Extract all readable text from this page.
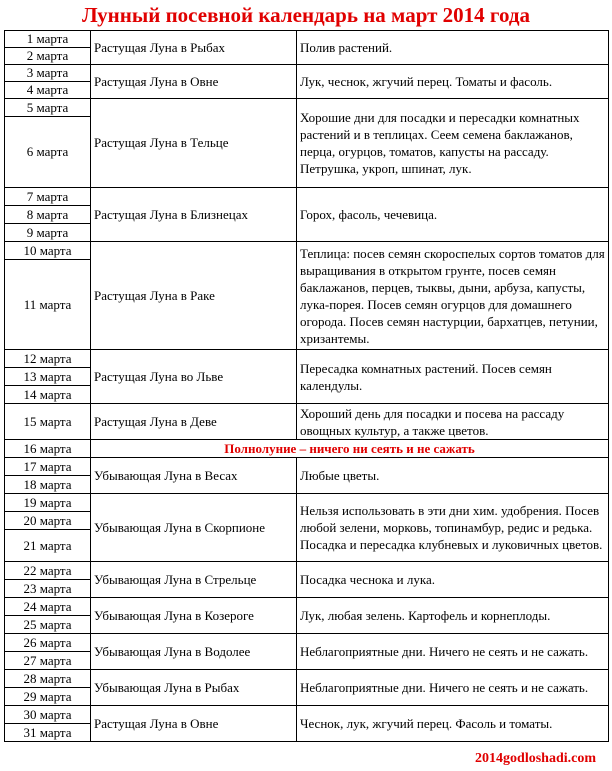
Лунный посевной календарь на март 2014 года
1 марта	Растущая Луна в Рыбах	Полив растений.
2 марта		
3 марта	Растущая Луна в Овне	Лук, чеснок, жгучий перец. Томаты и фасоль.
4 марта		
5 марта	Растущая Луна в Тельце	Хорошие дни для посадки и пересадки комнатных растений и в теплицах. Сеем семена баклажанов, перца, огурцов, томатов, капусты на рассаду. Петрушка, укроп, шпинат, лук.
6 марта		
7 марта	Растущая Луна в Близнецах	Горох, фасоль, чечевица.
8 марта		
9 марта		
10 марта	Растущая Луна в Раке	Теплица: посев семян скороспелых сортов томатов для выращивания в открытом грунте, посев семян баклажанов, перцев, тыквы, дыни, арбуза, капусты, лука-порея. Посев семян огурцов для домашнего огорода. Посев семян настурции, бархатцев, петунии, хризантемы.
11 марта		
12 марта	Растущая Луна во Льве	Пересадка комнатных растений. Посев семян календулы.
13 марта		
14 марта		
15 марта	Растущая Луна в Деве	Хороший день для посадки и посева на рассаду овощных культур, а также цветов.
16 марта	Полнолуние – ничего ни сеять и не сажать	
17 марта	Убывающая Луна в Весах	Любые цветы.
18 марта		
19 марта	Убывающая Луна в Скорпионе	Нельзя использовать в эти дни хим. удобрения. Посев любой зелени, морковь, топинамбур, редис и редька. Посадка и пересадка клубневых и луковичных цветов.
20 марта		
21 марта		
22 марта	Убывающая Луна в Стрельце	Посадка чеснока и лука.
23 марта		
24 марта	Убывающая Луна в Козероге	Лук, любая зелень. Картофель и корнеплоды.
25 марта		
26 марта	Убывающая Луна в Водолее	Неблагоприятные дни. Ничего не сеять и не сажать.
27 марта		
28 марта	Убывающая Луна в Рыбах	Неблагоприятные дни. Ничего не сеять и не сажать.
29 марта		
30 марта	Растущая Луна в Овне	Чеснок, лук, жгучий перец. Фасоль и томаты.
31 марта		
2014godloshadi.com
